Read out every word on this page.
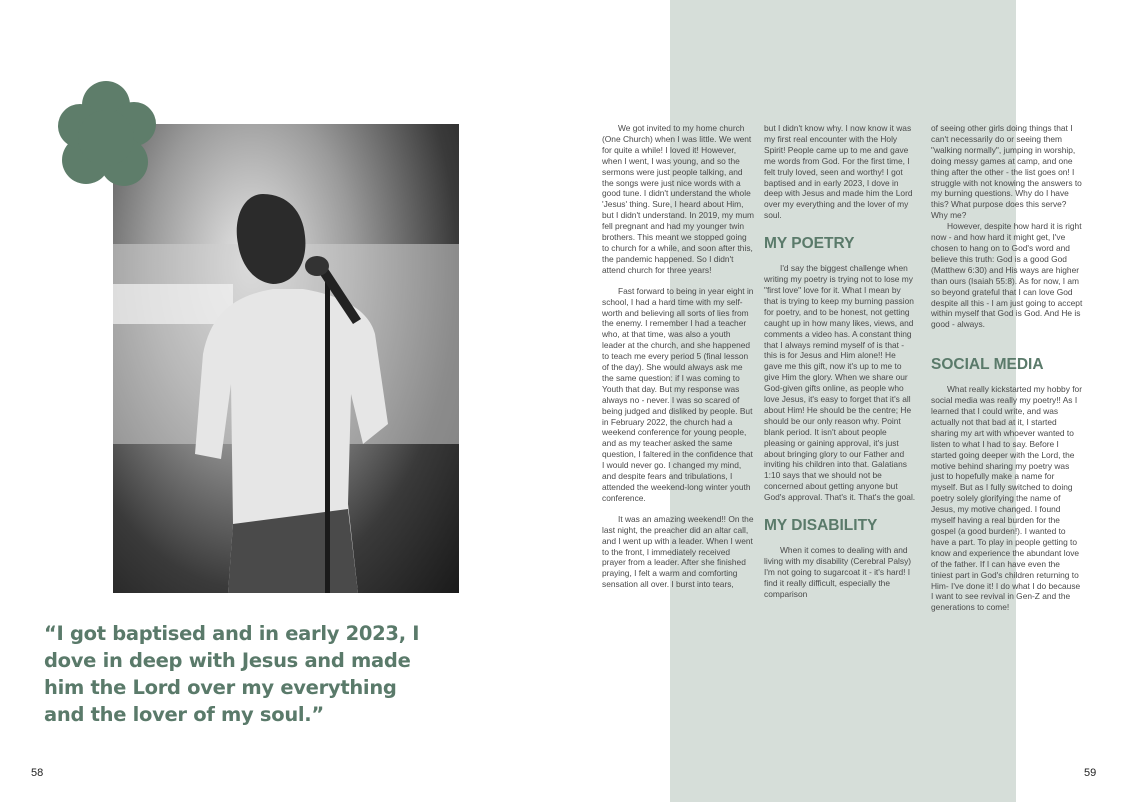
“I got baptised and in early 2023, I dove in deep with Jesus and made him the Lord over my everything and the lover of my soul.”
58

We got invited to my home church (One Church) when I was little. We went for quite a while! I loved it! However, when I went, I was young, and so the sermons were just people talking, and the songs were just nice words with a good tune. I didn't understand the whole 'Jesus' thing. Sure, I heard about Him, but I didn't understand. In 2019, my mum fell pregnant and had my younger twin brothers. This meant we stopped going to church for a while, and soon after this, the pandemic happened. So I didn't attend church for three years!

Fast forward to being in year eight in school, I had a hard time with my self-worth and believing all sorts of lies from the enemy. I remember I had a teacher who, at that time, was also a youth leader at the church, and she happened to teach me every period 5 (final lesson of the day). She would always ask me the same question: if I was coming to Youth that day. But my response was always no - never. I was so scared of being judged and disliked by people. But in February 2022, the church had a weekend conference for young people, and as my teacher asked the same question, I faltered in the confidence that I would never go. I changed my mind, and despite fears and tribulations, I attended the weekend-long winter youth conference.

It was an amazing weekend!! On the last night, the preacher did an altar call, and I went up with a leader. When I went to the front, I immediately received prayer from a leader. After she finished praying, I felt a warm and comforting sensation all over. I burst into tears,

but I didn't know why. I now know it was my first real encounter with the Holy Spirit! People came up to me and gave me words from God. For the first time, I felt truly loved, seen and worthy! I got baptised and in early 2023, I dove in deep with Jesus and made him the Lord over my everything and the lover of my soul.

MY POETRY

I'd say the biggest challenge when writing my poetry is trying not to lose my "first love" love for it. What I mean by that is trying to keep my burning passion for poetry, and to be honest, not getting caught up in how many likes, views, and comments a video has. A constant thing that I always remind myself of is that - this is for Jesus and Him alone!! He gave me this gift, now it's up to me to give Him the glory. When we share our God-given gifts online, as people who love Jesus, it's easy to forget that it's all about Him! He should be the centre; He should be our only reason why. Point blank period. It isn't about people pleasing or gaining approval, it's just about bringing glory to our Father and inviting his children into that. Galatians 1:10 says that we should not be concerned about getting anyone but God's approval. That's it. That's the goal.

MY DISABILITY

When it comes to dealing with and living with my disability (Cerebral Palsy) I'm not going to sugarcoat it - it's hard! I find it really difficult, especially the comparison

of seeing other girls doing things that I can't necessarily do or seeing them "walking normally", jumping in worship, doing messy games at camp, and one thing after the other - the list goes on! I struggle with not knowing the answers to my burning questions. Why do I have this? What purpose does this serve? Why me?

However, despite how hard it is right now - and how hard it might get, I've chosen to hang on to God's word and believe this truth: God is a good God (Matthew 6:30) and His ways are higher than ours (Isaiah 55:8). As for now, I am so beyond grateful that I can love God despite all this - I am just going to accept within myself that God is God. And He is good - always.

SOCIAL MEDIA

What really kickstarted my hobby for social media was really my poetry!! As I learned that I could write, and was actually not that bad at it, I started sharing my art with whoever wanted to listen to what I had to say. Before I started going deeper with the Lord, the motive behind sharing my poetry was just to hopefully make a name for myself. But as I fully switched to doing poetry solely glorifying the name of Jesus, my motive changed. I found myself having a real burden for the gospel (a good burden!). I wanted to have a part. To play in people getting to know and experience the abundant love of the father. If I can have even the tiniest part in God's children returning to Him- I've done it! I do what I do because I want to see revival in Gen-Z and the generations to come!

59
